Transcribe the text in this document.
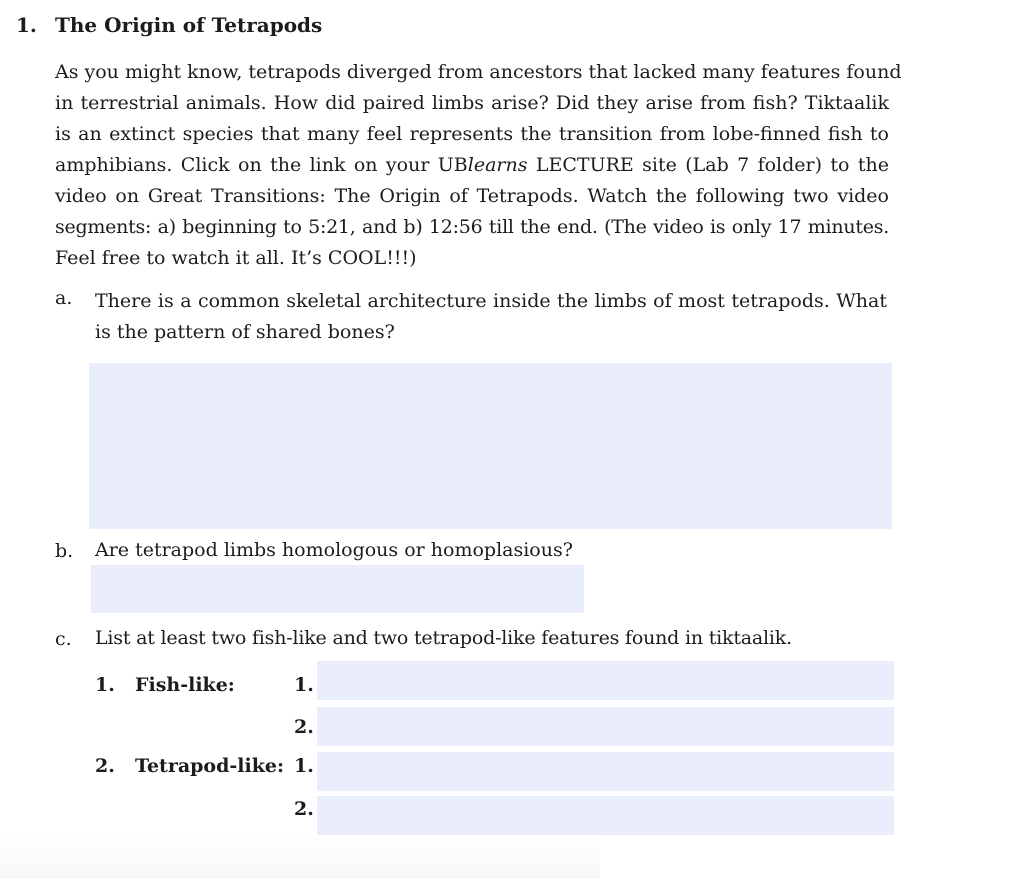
1. The Origin of Tetrapods
As you might know, tetrapods diverged from ancestors that lacked many features found
in terrestrial animals. How did paired limbs arise? Did they arise from fish? Tiktaalik
is an extinct species that many feel represents the transition from lobe-finned fish to
amphibians. Click on the link on your UBlearns LECTURE site (Lab 7 folder) to the
video on Great Transitions: The Origin of Tetrapods. Watch the following two video
segments: a) beginning to 5:21, and b) 12:56 till the end. (The video is only 17 minutes.
Feel free to watch it all. It’s COOL!!!)
a. There is a common skeletal architecture inside the limbs of most tetrapods. What
is the pattern of shared bones?
b. Are tetrapod limbs homologous or homoplasious?
c. List at least two fish-like and two tetrapod-like features found in tiktaalik.
1. Fish-like:	1.
2.
2. Tetrapod-like: 1.
2.
